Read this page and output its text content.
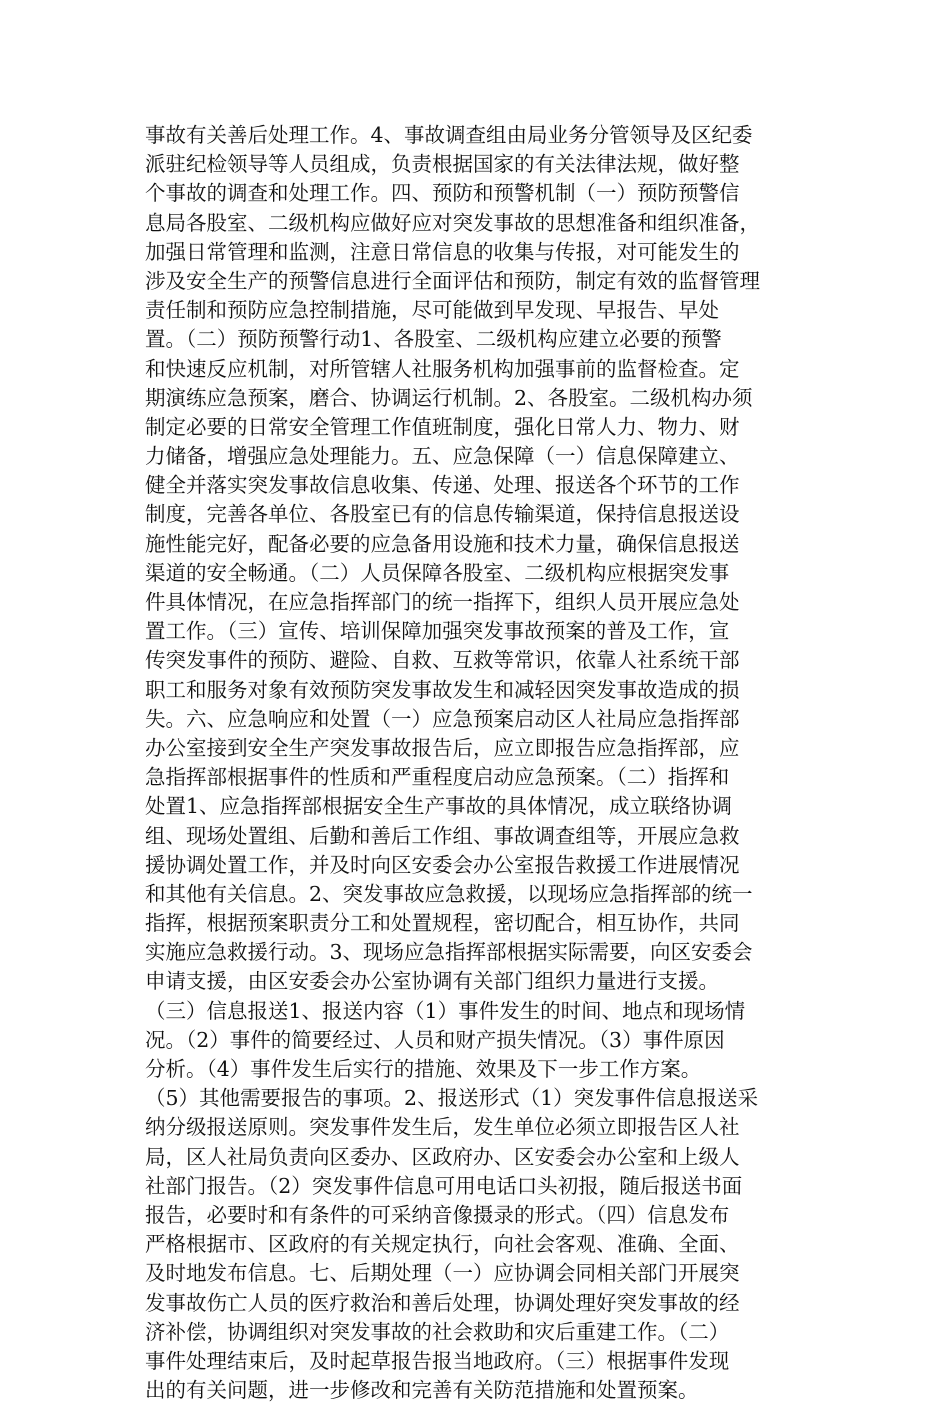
事故有关善后处理工作。4、事故调查组由局业务分管领导及区纪委
派驻纪检领导等人员组成，负责根据国家的有关法律法规，做好整
个事故的调查和处理工作。四、预防和预警机制（一）预防预警信
息局各股室、二级机构应做好应对突发事故的思想准备和组织准备，
加强日常管理和监测，注意日常信息的收集与传报，对可能发生的
涉及安全生产的预警信息进行全面评估和预防，制定有效的监督管理
责任制和预防应急控制措施，尽可能做到早发现、早报告、早处
置。（二）预防预警行动1、各股室、二级机构应建立必要的预警
和快速反应机制，对所管辖人社服务机构加强事前的监督检查。定
期演练应急预案，磨合、协调运行机制。2、各股室。二级机构办须
制定必要的日常安全管理工作值班制度，强化日常人力、物力、财
力储备，增强应急处理能力。五、应急保障（一）信息保障建立、
健全并落实突发事故信息收集、传递、处理、报送各个环节的工作
制度，完善各单位、各股室已有的信息传输渠道，保持信息报送设
施性能完好，配备必要的应急备用设施和技术力量，确保信息报送
渠道的安全畅通。（二）人员保障各股室、二级机构应根据突发事
件具体情况，在应急指挥部门的统一指挥下，组织人员开展应急处
置工作。（三）宣传、培训保障加强突发事故预案的普及工作，宣
传突发事件的预防、避险、自救、互救等常识，依靠人社系统干部
职工和服务对象有效预防突发事故发生和减轻因突发事故造成的损
失。六、应急响应和处置（一）应急预案启动区人社局应急指挥部
办公室接到安全生产突发事故报告后，应立即报告应急指挥部，应
急指挥部根据事件的性质和严重程度启动应急预案。（二）指挥和
处置1、应急指挥部根据安全生产事故的具体情况，成立联络协调
组、现场处置组、后勤和善后工作组、事故调查组等，开展应急救
援协调处置工作，并及时向区安委会办公室报告救援工作进展情况
和其他有关信息。2、突发事故应急救援，以现场应急指挥部的统一
指挥，根据预案职责分工和处置规程，密切配合，相互协作，共同
实施应急救援行动。3、现场应急指挥部根据实际需要，向区安委会
申请支援，由区安委会办公室协调有关部门组织力量进行支援。
（三）信息报送1、报送内容（1）事件发生的时间、地点和现场情
况。（2）事件的简要经过、人员和财产损失情况。（3）事件原因
分析。（4）事件发生后实行的措施、效果及下一步工作方案。
（5）其他需要报告的事项。2、报送形式（1）突发事件信息报送采
纳分级报送原则。突发事件发生后，发生单位必须立即报告区人社
局，区人社局负责向区委办、区政府办、区安委会办公室和上级人
社部门报告。（2）突发事件信息可用电话口头初报，随后报送书面
报告，必要时和有条件的可采纳音像摄录的形式。（四）信息发布
严格根据市、区政府的有关规定执行，向社会客观、准确、全面、
及时地发布信息。七、后期处理（一）应协调会同相关部门开展突
发事故伤亡人员的医疗救治和善后处理，协调处理好突发事故的经
济补偿，协调组织对突发事故的社会救助和灾后重建工作。（二）
事件处理结束后，及时起草报告报当地政府。（三）根据事件发现
出的有关问题，进一步修改和完善有关防范措施和处置预案。
